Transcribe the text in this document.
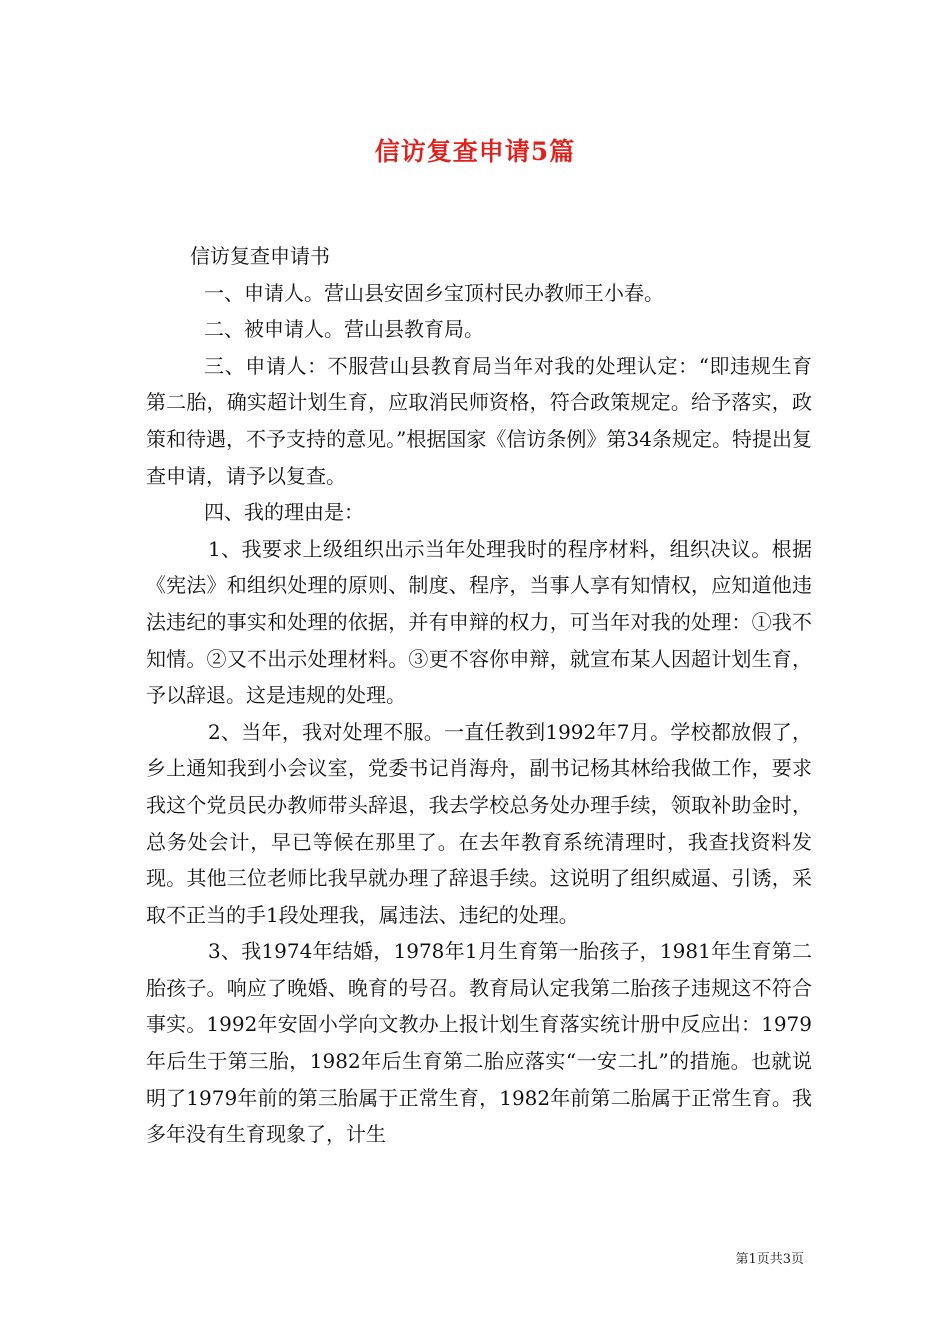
信访复查申请5篇

信访复查申请书

一、申请人。营山县安固乡宝顶村民办教师王小春。

二、被申请人。营山县教育局。

三、申请人：不服营山县教育局当年对我的处理认定：“即违规生育第二胎，确实超计划生育，应取消民师资格，符合政策规定。给予落实，政策和待遇，不予支持的意见。”根据国家《信访条例》第34条规定。特提出复查申请，请予以复查。

四、我的理由是：

1、我要求上级组织出示当年处理我时的程序材料，组织决议。根据《宪法》和组织处理的原则、制度、程序，当事人享有知情权，应知道他违法违纪的事实和处理的依据，并有申辩的权力，可当年对我的处理：①我不知情。②又不出示处理材料。③更不容你申辩，就宣布某人因超计划生育，予以辞退。这是违规的处理。

2、当年，我对处理不服。一直任教到1992年7月。学校都放假了，乡上通知我到小会议室，党委书记肖海舟，副书记杨其林给我做工作，要求我这个党员民办教师带头辞退，我去学校总务处办理手续，领取补助金时，总务处会计，早已等候在那里了。在去年教育系统清理时，我查找资料发现。其他三位老师比我早就办理了辞退手续。这说明了组织威逼、引诱，采取不正当的手1段处理我，属违法、违纪的处理。

3、我1974年结婚，1978年1月生育第一胎孩子，1981年生育第二胎孩子。响应了晚婚、晚育的号召。教育局认定我第二胎孩子违规这不符合事实。1992年安固小学向文教办上报计划生育落实统计册中反应出：1979年后生于第三胎，1982年后生育第二胎应落实“一安二扎”的措施。也就说明了1979年前的第三胎属于正常生育，1982年前第二胎属于正常生育。我多年没有生育现象了，计生

第1页共3页
